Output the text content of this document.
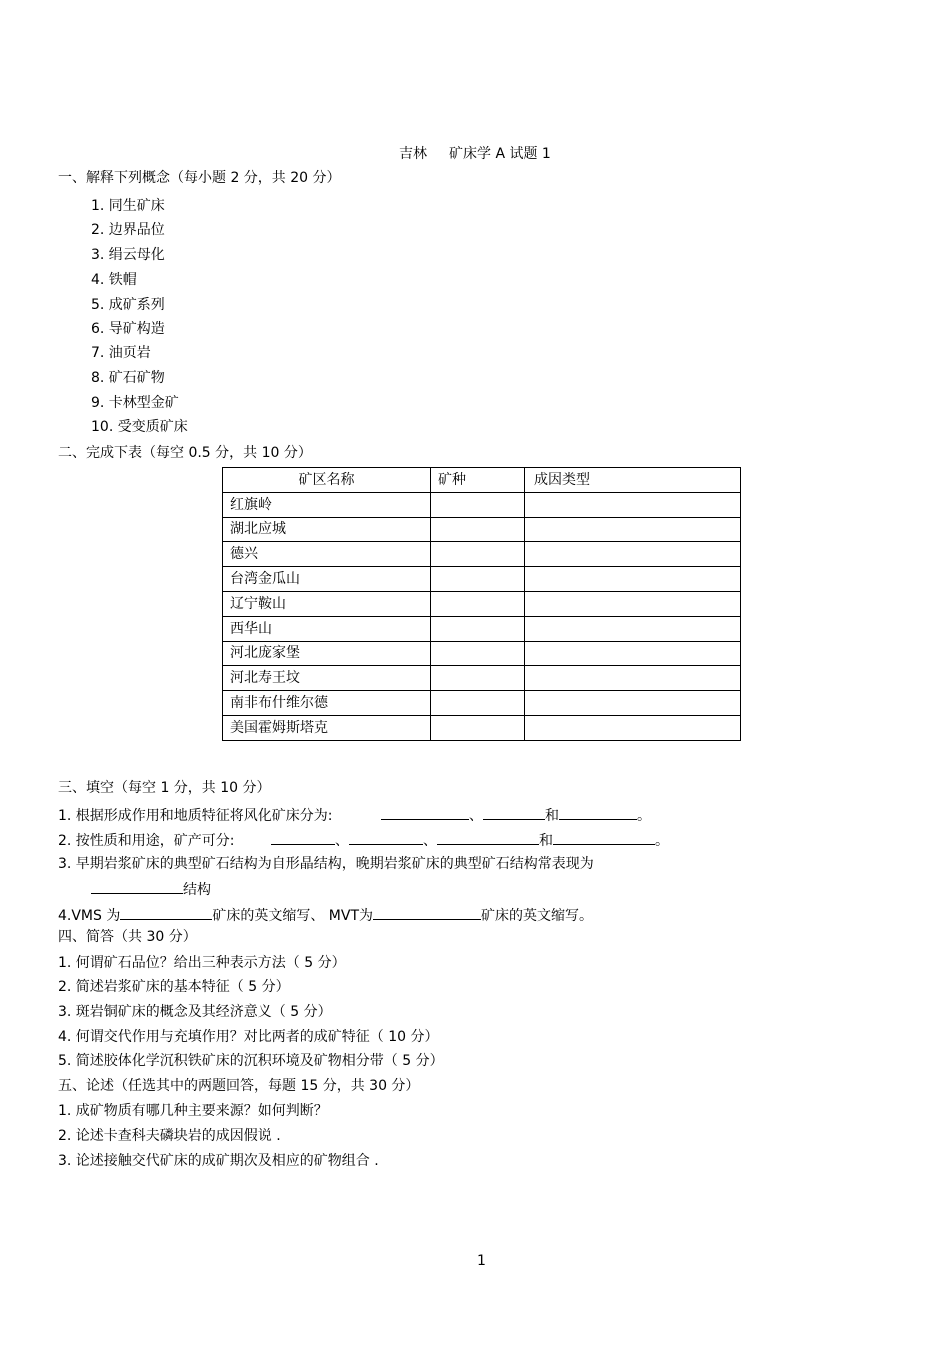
吉林 矿床学 A 试题 1
一、解释下列概念（每小题 2 分，共 20 分）
1. 同生矿床
2. 边界品位
3. 绢云母化
4. 铁帽
5. 成矿系列
6. 导矿构造
7. 油页岩
8. 矿石矿物
9. 卡林型金矿
10. 受变质矿床
二、完成下表（每空 0.5 分，共 10 分）
矿区名称	矿种	成因类型
红旗岭		
湖北应城		
德兴		
台湾金瓜山		
辽宁鞍山		
西华山		
河北庞家堡		
河北寿王坟		
南非布什维尔德		
美国霍姆斯塔克		
三、填空（每空 1 分，共 10 分）
1. 根据形成作用和地质特征将风化矿床分为:	、	和	。
2. 按性质和用途，矿产可分:	、	、	和	。
3. 早期岩浆矿床的典型矿石结构为自形晶结构，晚期岩浆矿床的典型矿石结构常表现为
结构
4.VMS 为	矿床的英文缩写、 MVT为	矿床的英文缩写。
四、简答（共 30 分）
1. 何谓矿石品位？给出三种表示方法（ 5 分）
2. 简述岩浆矿床的基本特征（ 5 分）
3. 斑岩铜矿床的概念及其经济意义（ 5 分）
4. 何谓交代作用与充填作用？对比两者的成矿特征（ 10 分）
5. 简述胶体化学沉积铁矿床的沉积环境及矿物相分带（ 5 分）
五、论述（任选其中的两题回答，每题 15 分，共 30 分）
1. 成矿物质有哪几种主要来源？如何判断？
2. 论述卡查科夫磷块岩的成因假说 .
3. 论述接触交代矿床的成矿期次及相应的矿物组合 .
1
